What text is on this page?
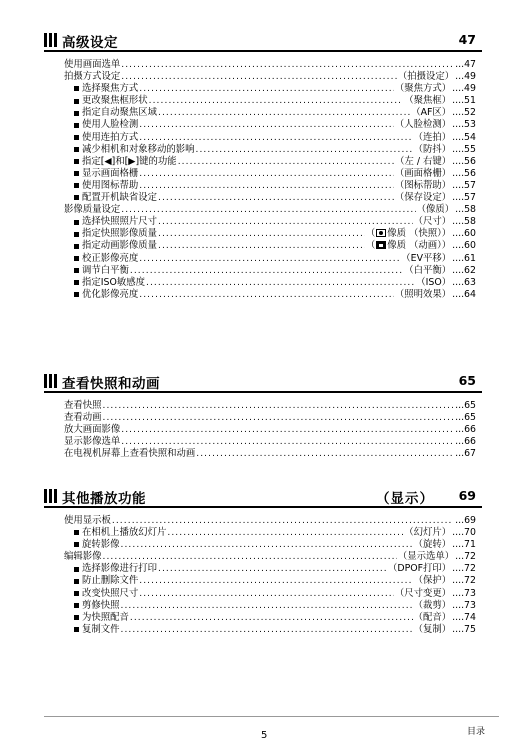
高级设定	47
使用画面选单 .....	...47
拍摄方式设定 .....	（拍摄设定） ...49
选择聚焦方式 .....	（聚焦方式） ....49
更改聚焦框形状 .....	（聚焦框） ....51
指定自动聚焦区域 .....	（AF区） ....52
使用人脸检测 .....	（人脸检测） ....53
使用连拍方式 .....	（连拍） ....54
减少相机和对象移动的影响 .....	（防抖） ....55
指定[◀]和[▶]键的功能 .....	（左 / 右键） ....56
显示画面格栅 .....	（画面格栅） ....56
使用图标帮助 .....	（图标帮助） ....57
配置开机缺省设定 .....	（保存设定） ....57
影像质量设定 .....	（像质） ...58
选择快照照片尺寸 .....	（尺寸） ....58
指定快照影像质量 .....	（ 像质 （快照）） ....60
指定动画影像质量 .....	（ 像质 （动画）） ....60
校正影像亮度 .....	（EV平移） ....61
调节白平衡 .....	（白平衡） ....62
指定ISO敏感度 .....	（ISO） ....63
优化影像亮度 .....	（照明效果） ....64
查看快照和动画	65
查看快照 .....	...65
查看动画 .....	...65
放大画面影像 .....	...66
显示影像选单 .....	...66
在电视机屏幕上查看快照和动画 .....	...67
其他播放功能	（显示） 69
使用显示板 .....	...69
在相机上播放幻灯片 .....	（幻灯片） ....70
旋转影像 .....	（旋转） ....71
编辑影像 .....	（显示选单） ...72
选择影像进行打印 .....	（DPOF打印） ....72
防止删除文件 .....	（保护） ....72
改变快照尺寸 .....	（尺寸变更） ....73
剪修快照 .....	（裁剪） ....73
为快照配音 .....	（配音） ....74
复制文件 .....	（复制） ....75
5	目录
